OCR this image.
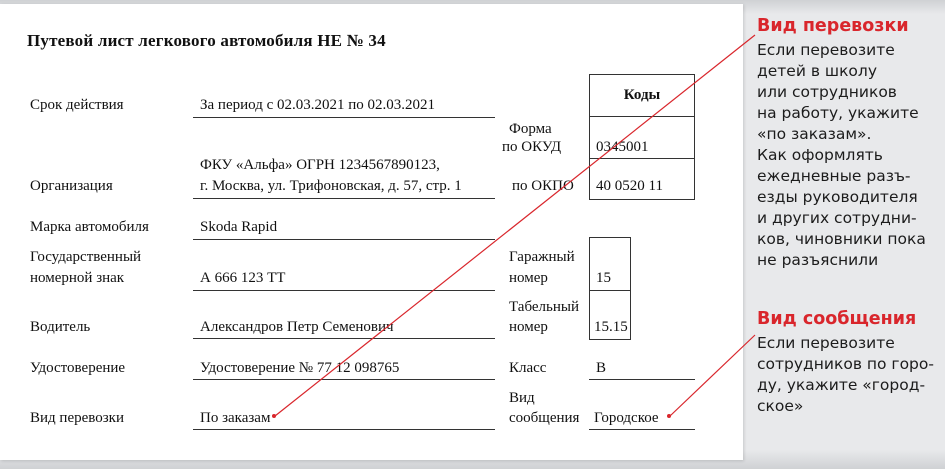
Путевой лист легкового автомобиля НЕ № 34
Коды
Срок действия	За период с 02.03.2021 по 02.03.2021
Форма
по ОКУД 0345001
ФКУ «Альфа» ОГРН 1234567890123,
Организация	г. Москва, ул. Трифоновская, д. 57, стр. 1	по ОКПО 40 0520 11
Марка автомобиля	Skoda Rapid
Государственный
номерной знак	А 666 123 ТТ
Гаражный
номер	15
Табельный
номер	15.15
Водитель	Александров Петр Семенович
Удостоверение	Удостоверение № 77 12 098765	Класс	В
Вид перевозки	По заказам
Вид
сообщения Городское
Вид перевозки
Если перевозите
детей в школу
или сотрудников
на работу, укажите
«по заказам».
Как оформлять
ежедневные разъ-
езды руководителя
и других сотрудни-
ков, чиновники пока
не разъяснили
Вид сообщения
Если перевозите
сотрудников по горо-
ду, укажите «город-
ское»
